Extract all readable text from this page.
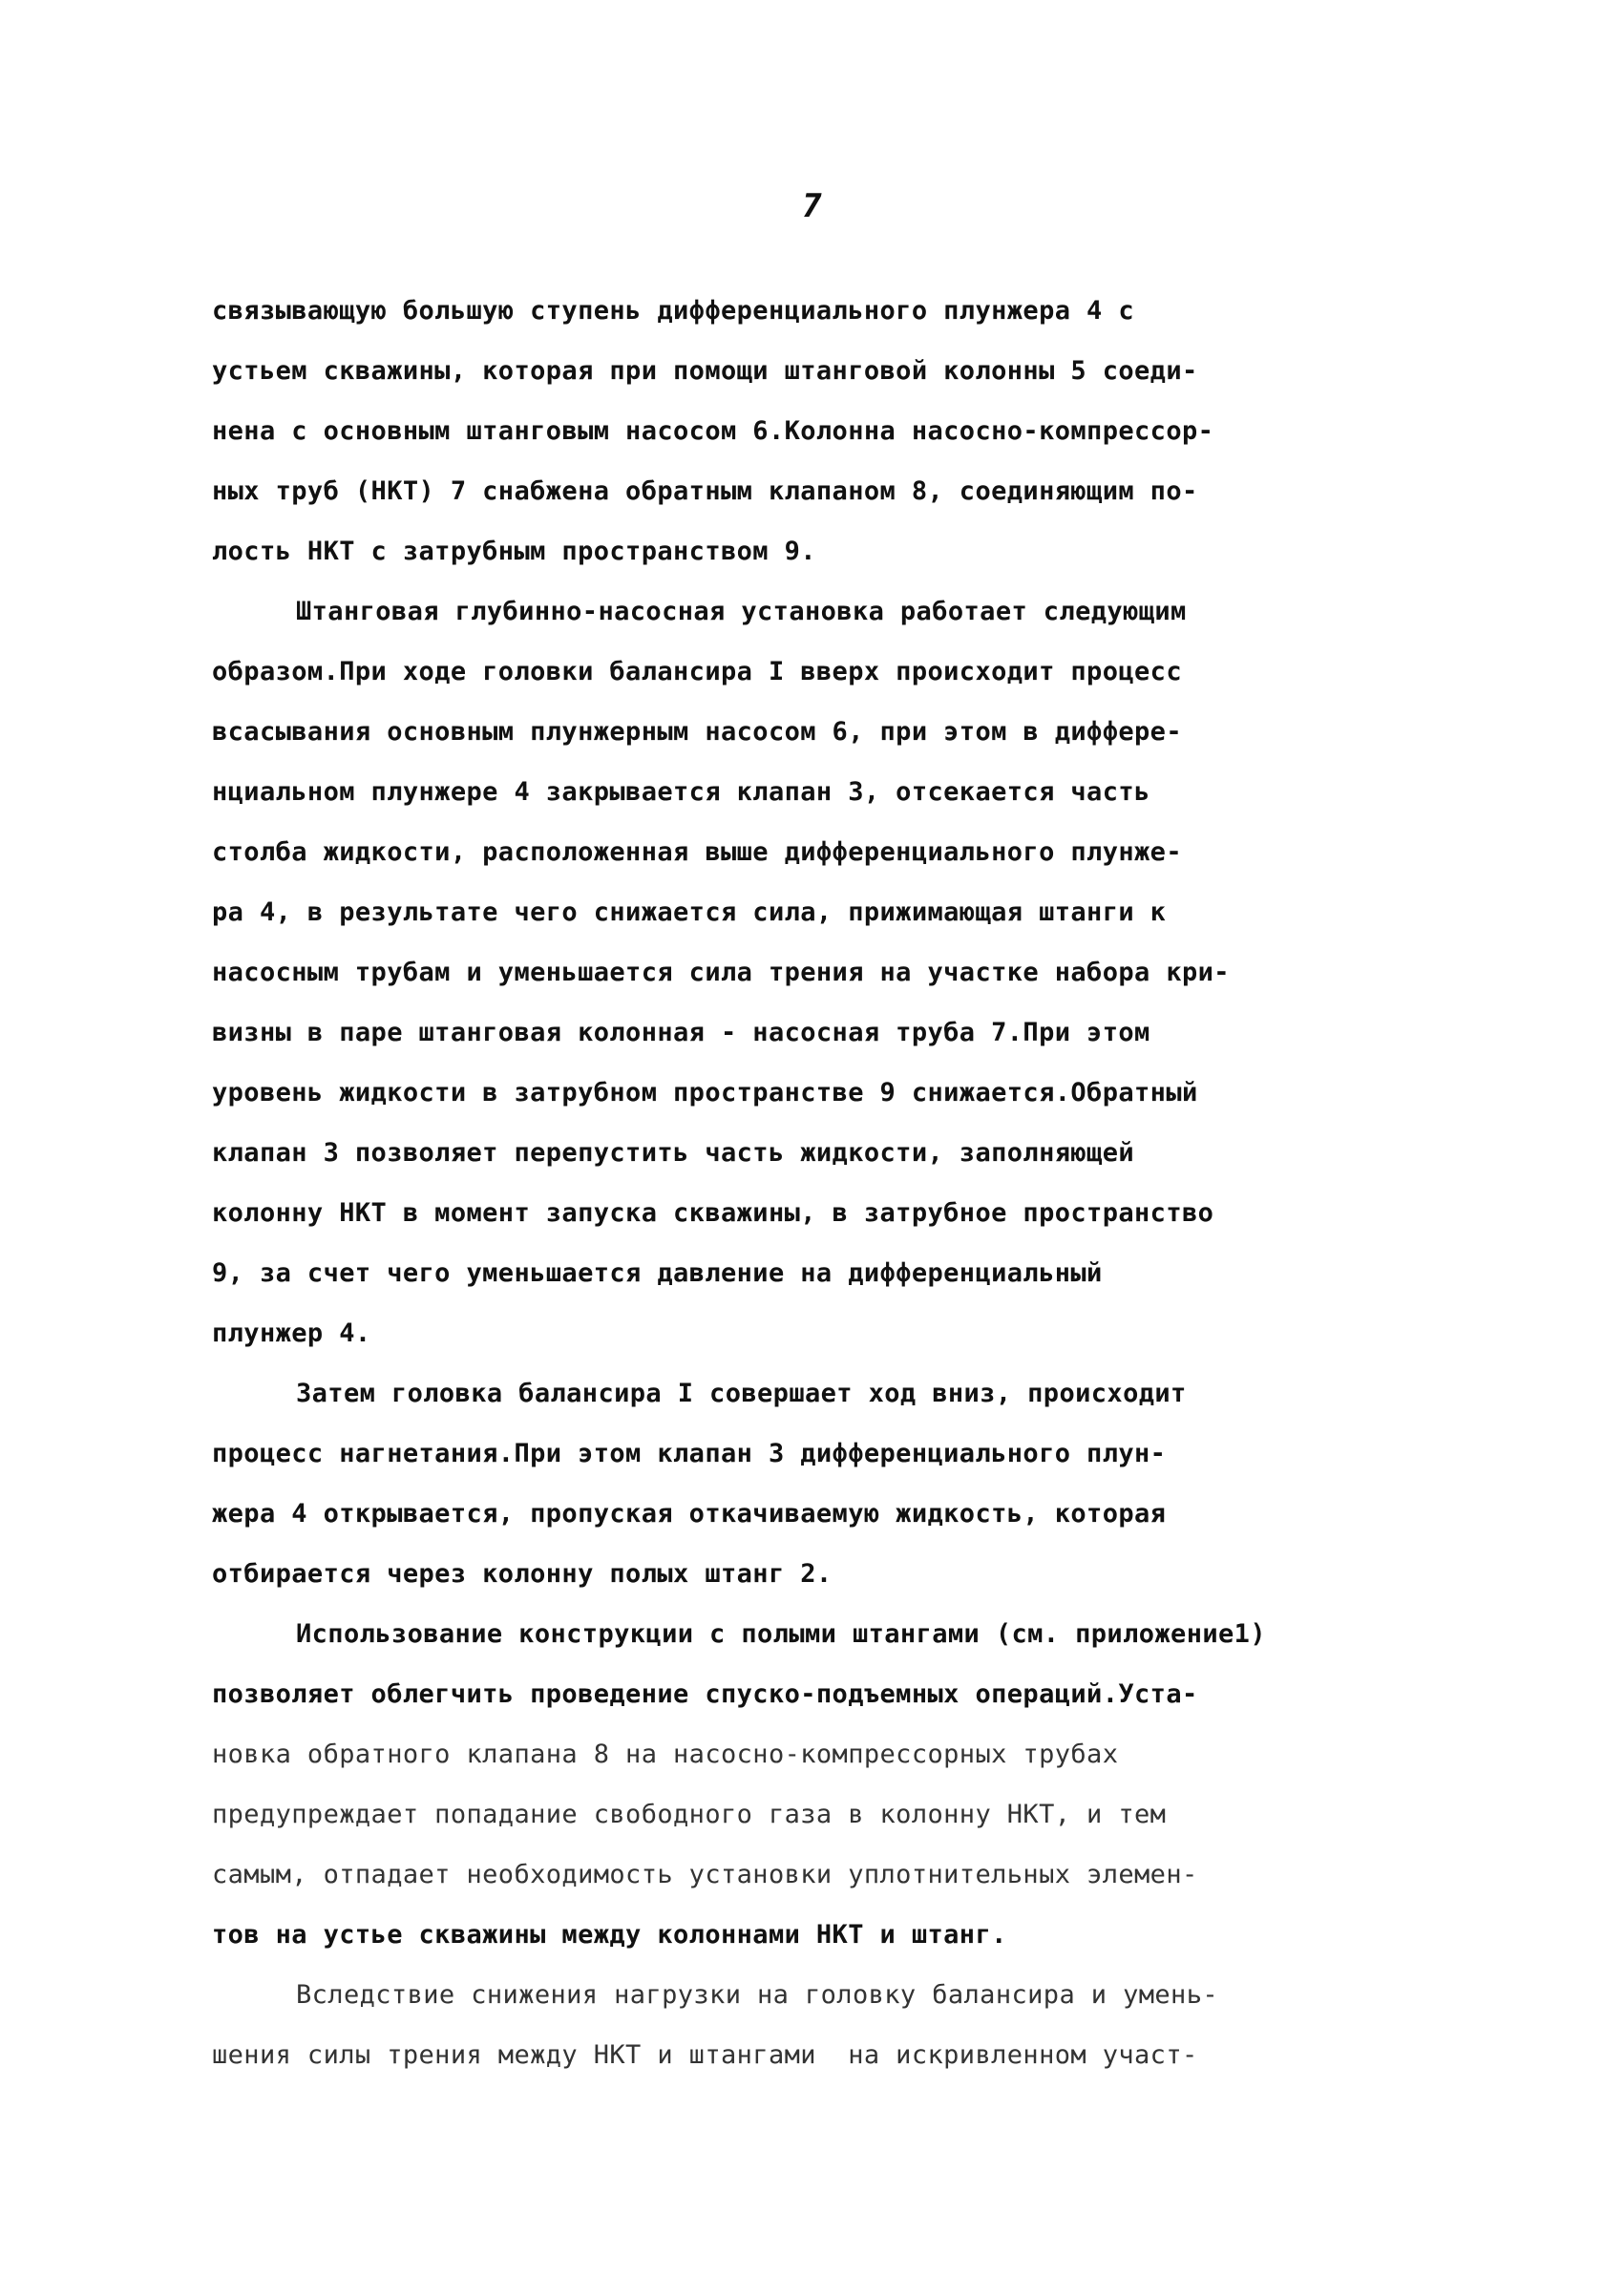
7
связывающую большую ступень дифференциального плунжера 4 с
устьем скважины, которая при помощи штанговой колонны 5 соеди-
нена с основным штанговым насосом 6.Колонна насосно-компрессор-
ных труб (НКТ) 7 снабжена обратным клапаном 8, соединяющим по-
лость НКТ с затрубным пространством 9.
Штанговая глубинно-насосная установка работает следующим
образом.При ходе головки балансира I вверх происходит процесс
всасывания основным плунжерным насосом 6, при этом в диффере-
нциальном плунжере 4 закрывается клапан 3, отсекается часть
столба жидкости, расположенная выше дифференциального плунже-
ра 4, в результате чего снижается сила, прижимающая штанги к
насосным трубам и уменьшается сила трения на участке набора кри-
визны в паре штанговая колонная - насосная труба 7.При этом
уровень жидкости в затрубном пространстве 9 снижается.Обратный
клапан 3 позволяет перепустить часть жидкости, заполняющей
колонну НКТ в момент запуска скважины, в затрубное пространство
9, за счет чего уменьшается давление на дифференциальный
плунжер 4.
Затем головка балансира I совершает ход вниз, происходит
процесс нагнетания.При этом клапан 3 дифференциального плун-
жера 4 открывается, пропуская откачиваемую жидкость, которая
отбирается через колонну полых штанг 2.
Использование конструкции с полыми штангами (см. приложение1)
позволяет облегчить проведение спуско-подъемных операций.Уста-
новка обратного клапана 8 на насосно-компрессорных трубах
предупреждает попадание свободного газа в колонну НКТ, и тем
самым, отпадает необходимость установки уплотнительных элемен-
тов на устье скважины между колоннами НКТ и штанг.
Вследствие снижения нагрузки на головку балансира и умень-
шения силы трения между НКТ и штангами  на искривленном участ-
